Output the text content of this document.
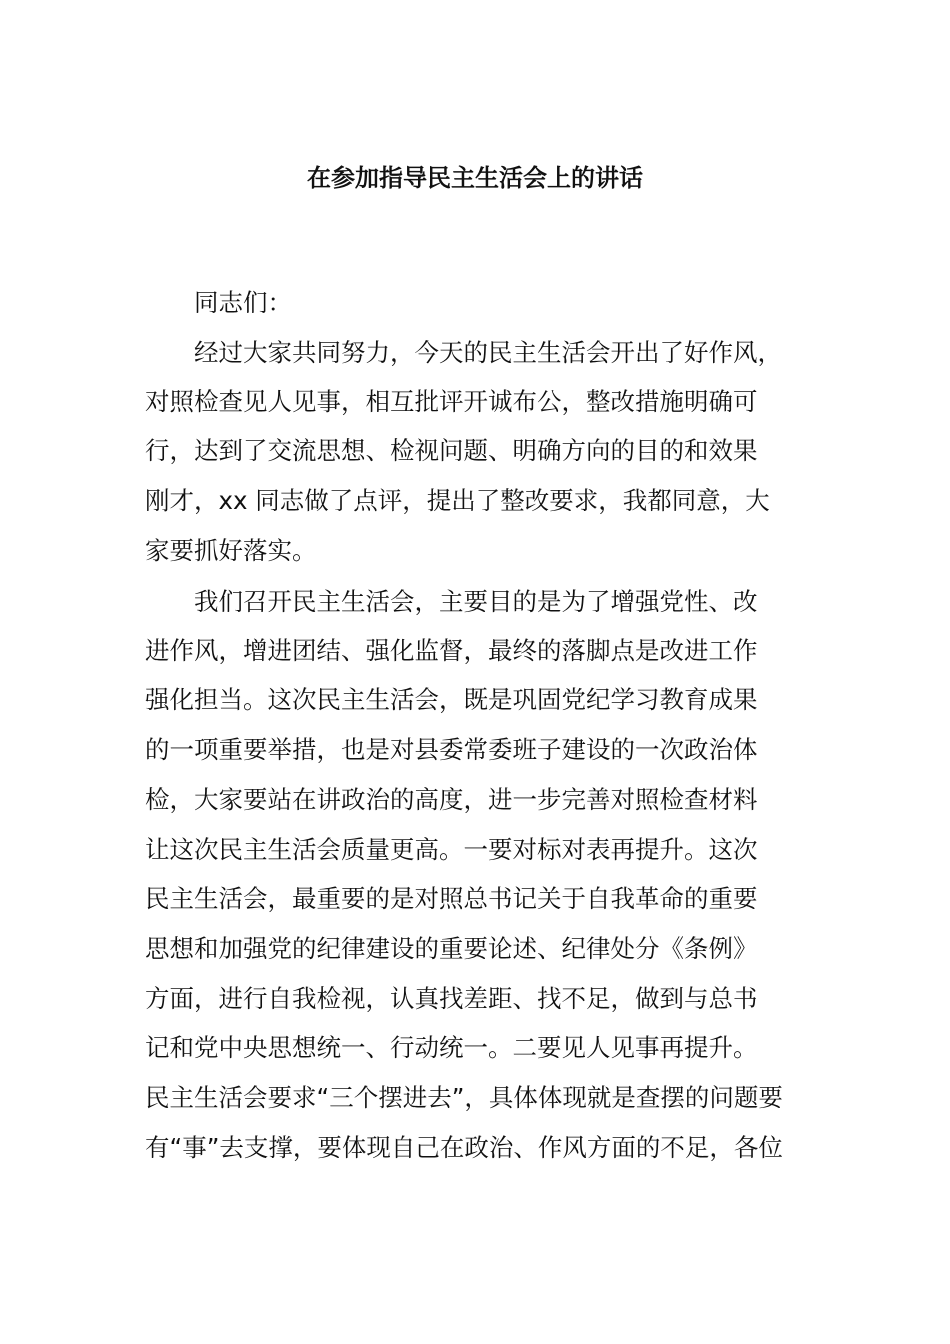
在参加指导民主生活会上的讲话
同志们：
经过大家共同努力，今天的民主生活会开出了好作风，
对照检查见人见事，相互批评开诚布公，整改措施明确可
行，达到了交流思想、检视问题、明确方向的目的和效果
刚才，xx 同志做了点评，提出了整改要求，我都同意，大
家要抓好落实。
我们召开民主生活会，主要目的是为了增强党性、改
进作风，增进团结、强化监督，最终的落脚点是改进工作
强化担当。这次民主生活会，既是巩固党纪学习教育成果
的一项重要举措，也是对县委常委班子建设的一次政治体
检，大家要站在讲政治的高度，进一步完善对照检查材料
让这次民主生活会质量更高。一要对标对表再提升。这次
民主生活会，最重要的是对照总书记关于自我革命的重要
思想和加强党的纪律建设的重要论述、纪律处分《条例》
方面，进行自我检视，认真找差距、找不足，做到与总书
记和党中央思想统一、行动统一。二要见人见事再提升。
民主生活会要求“三个摆进去”，具体体现就是查摆的问题要
有“事”去支撑，要体现自己在政治、作风方面的不足，各位
